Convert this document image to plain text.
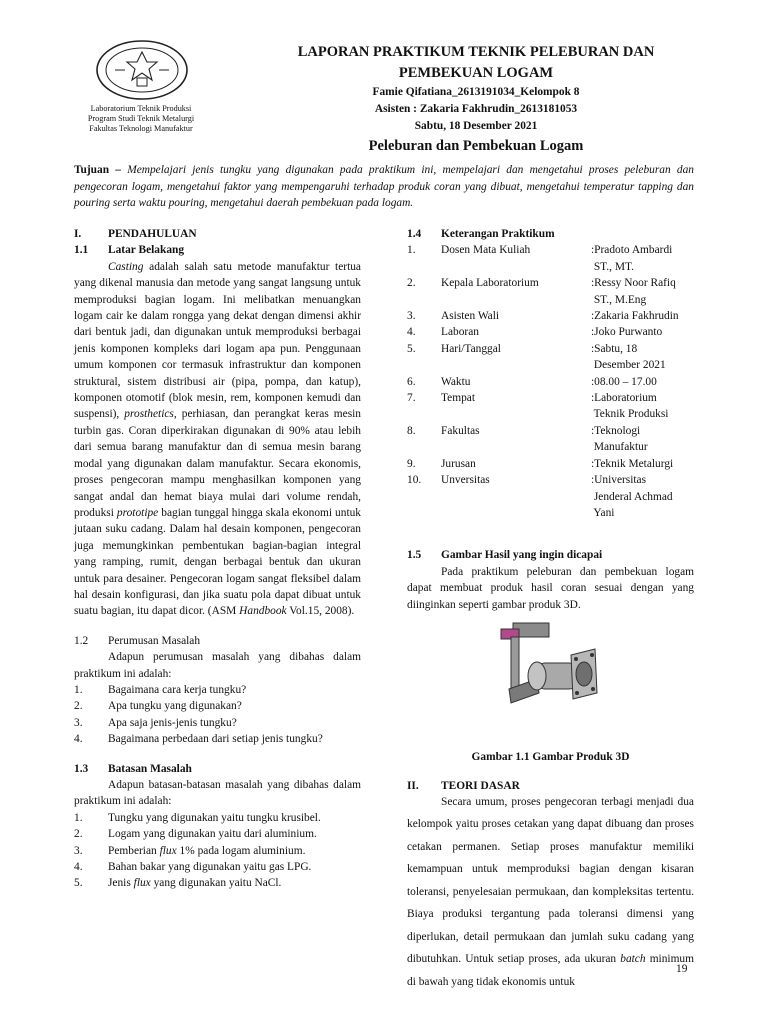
Laboratorium Teknik Produksi
Program Studi Teknik Metalurgi
Fakultas Teknologi Manufaktur
LAPORAN PRAKTIKUM TEKNIK PELEBURAN DAN
PEMBEKUAN LOGAM
Famie Qifatiana_2613191034_Kelompok 8
Asisten : Zakaria Fakhrudin_2613181053
Sabtu, 18 Desember 2021
Peleburan dan Pembekuan Logam
Tujuan – Mempelajari jenis tungku yang digunakan pada praktikum ini, mempelajari dan mengetahui proses peleburan dan pengecoran logam, mengetahui faktor yang mempengaruhi terhadap produk coran yang dibuat, mengetahui temperatur tapping dan pouring serta waktu pouring, mengetahui daerah pembekuan pada logam.
I.	PENDAHULUAN
1.1	Latar Belakang
Casting adalah salah satu metode manufaktur tertua yang dikenal manusia dan metode yang sangat langsung untuk memproduksi bagian logam. Ini melibatkan menuangkan logam cair ke dalam rongga yang dekat dengan dimensi akhir dari bentuk jadi, dan digunakan untuk memproduksi berbagai jenis komponen kompleks dari logam apa pun. Penggunaan umum komponen cor termasuk infrastruktur dan komponen struktural, sistem distribusi air (pipa, pompa, dan katup), komponen otomotif (blok mesin, rem, komponen kemudi dan suspensi), prosthetics, perhiasan, dan perangkat keras mesin turbin gas. Coran diperkirakan digunakan di 90% atau lebih dari semua barang manufaktur dan di semua mesin barang modal yang digunakan dalam manufaktur. Secara ekonomis, proses pengecoran mampu menghasilkan komponen yang sangat andal dan hemat biaya mulai dari volume rendah, produksi prototipe bagian tunggal hingga skala ekonomi untuk jutaan suku cadang. Dalam hal desain komponen, pengecoran juga memungkinkan pembentukan bagian-bagian integral yang ramping, rumit, dengan berbagai bentuk dan ukuran untuk para desainer. Pengecoran logam sangat fleksibel dalam hal desain konfigurasi, dan jika suatu pola dapat dibuat untuk suatu bagian, itu dapat dicor. (ASM Handbook Vol.15, 2008).
1.2	Perumusan Masalah
Adapun perumusan masalah yang dibahas dalam praktikum ini adalah:
1.	Bagaimana cara kerja tungku?
2.	Apa tungku yang digunakan?
3.	Apa saja jenis-jenis tungku?
4.	Bagaimana perbedaan dari setiap jenis tungku?
1.3	Batasan Masalah
Adapun batasan-batasan masalah yang dibahas dalam praktikum ini adalah:
1.	Tungku yang digunakan yaitu tungku krusibel.
2.	Logam yang digunakan yaitu dari aluminium.
3.	Pemberian flux 1% pada logam aluminium.
4.	Bahan bakar yang digunakan yaitu gas LPG.
5.	Jenis flux yang digunakan yaitu NaCl.
1.4	Keterangan Praktikum
1.	Dosen Mata Kuliah	:Pradoto Ambardi
ST., MT.
2.	Kepala Laboratorium	:Ressy Noor Rafiq
ST., M.Eng
3.	Asisten Wali	:Zakaria Fakhrudin
4.	Laboran	:Joko Purwanto
5.	Hari/Tanggal	:Sabtu, 18
Desember 2021
6.	Waktu	:08.00 – 17.00
7.	Tempat	:Laboratorium
Teknik Produksi
8.	Fakultas	:Teknologi
Manufaktur
9.	Jurusan	:Teknik Metalurgi
10.	Unversitas	:Universitas
Jenderal Achmad
Yani
1.5	Gambar Hasil yang ingin dicapai
Pada praktikum peleburan dan pembekuan logam dapat membuat produk hasil coran sesuai dengan yang diinginkan seperti gambar produk 3D.
Gambar 1.1 Gambar Produk 3D
II.	TEORI DASAR
Secara umum, proses pengecoran terbagi menjadi dua kelompok yaitu proses cetakan yang dapat dibuang dan proses cetakan permanen. Setiap proses manufaktur memiliki kemampuan untuk memproduksi bagian dengan kisaran toleransi, penyelesaian permukaan, dan kompleksitas tertentu. Biaya produksi tergantung pada toleransi dimensi yang diperlukan, detail permukaan dan jumlah suku cadang yang dibutuhkan. Untuk setiap proses, ada ukuran batch minimum di bawah yang tidak ekonomis untuk
19
